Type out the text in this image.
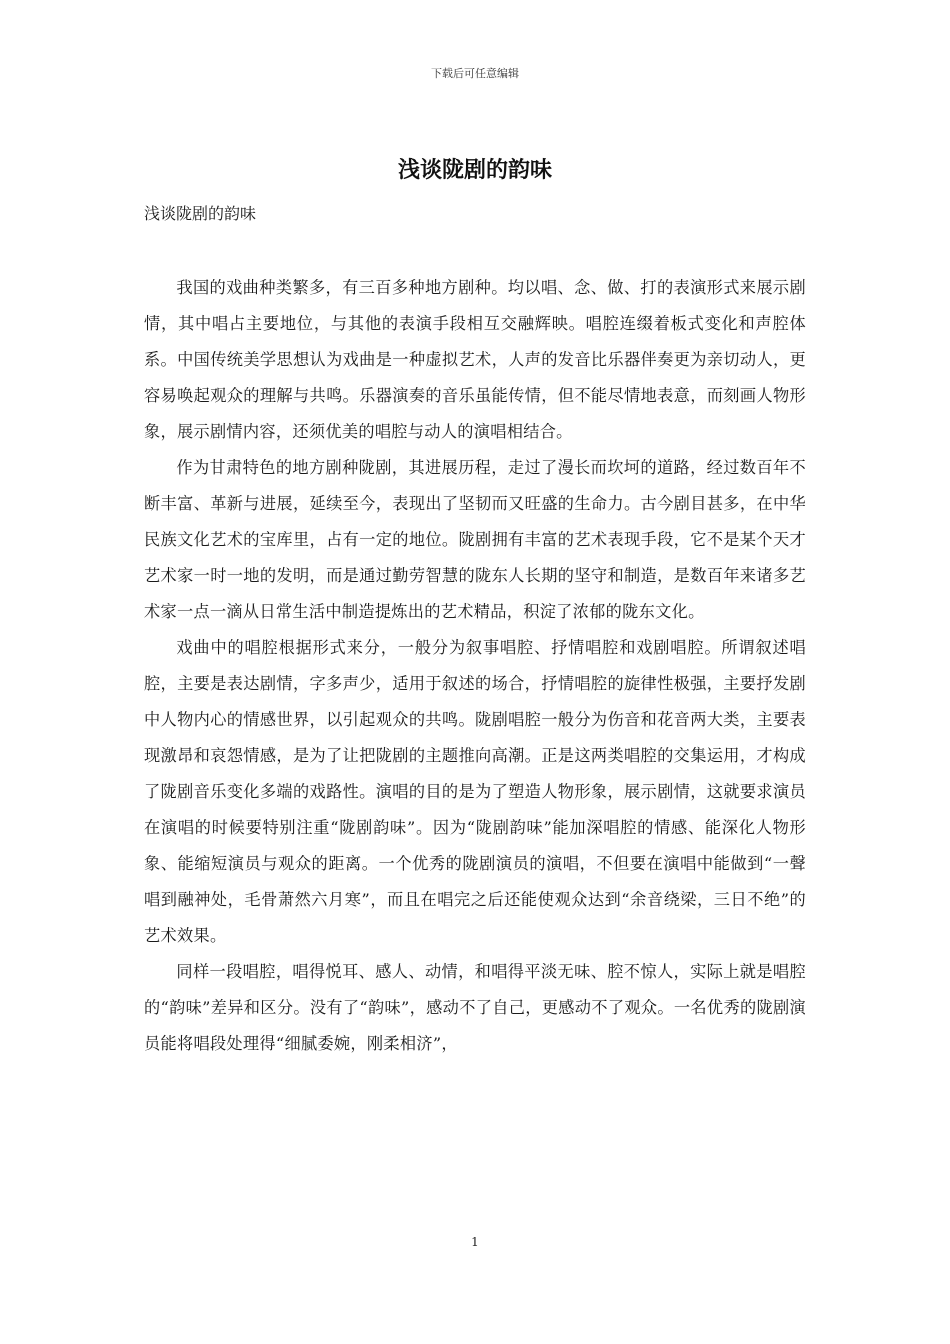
下载后可任意编辑
浅谈陇剧的韵味
浅谈陇剧的韵味

我国的戏曲种类繁多，有三百多种地方剧种。均以唱、念、做、打的表演形式来展示剧情，其中唱占主要地位，与其他的表演手段相互交融辉映。唱腔连缀着板式变化和声腔体系。中国传统美学思想认为戏曲是一种虚拟艺术，人声的发音比乐器伴奏更为亲切动人，更容易唤起观众的理解与共鸣。乐器演奏的音乐虽能传情，但不能尽情地表意，而刻画人物形象，展示剧情内容，还须优美的唱腔与动人的演唱相结合。

作为甘肃特色的地方剧种陇剧，其进展历程，走过了漫长而坎坷的道路，经过数百年不断丰富、革新与进展，延续至今，表现出了坚韧而又旺盛的生命力。古今剧目甚多，在中华民族文化艺术的宝库里，占有一定的地位。陇剧拥有丰富的艺术表现手段，它不是某个天才艺术家一时一地的发明，而是通过勤劳智慧的陇东人长期的坚守和制造，是数百年来诸多艺术家一点一滴从日常生活中制造提炼出的艺术精品，积淀了浓郁的陇东文化。

戏曲中的唱腔根据形式来分，一般分为叙事唱腔、抒情唱腔和戏剧唱腔。所谓叙述唱腔，主要是表达剧情，字多声少，适用于叙述的场合，抒情唱腔的旋律性极强，主要抒发剧中人物内心的情感世界，以引起观众的共鸣。陇剧唱腔一般分为伤音和花音两大类，主要表现激昂和哀怨情感，是为了让把陇剧的主题推向高潮。正是这两类唱腔的交集运用，才构成了陇剧音乐变化多端的戏路性。演唱的目的是为了塑造人物形象，展示剧情，这就要求演员在演唱的时候要特别注重“陇剧韵味”。因为“陇剧韵味”能加深唱腔的情感、能深化人物形象、能缩短演员与观众的距离。一个优秀的陇剧演员的演唱，不但要在演唱中能做到“一聲唱到融神处，毛骨萧然六月寒”，而且在唱完之后还能使观众达到“余音绕梁，三日不绝”的艺术效果。

同样一段唱腔，唱得悦耳、感人、动情，和唱得平淡无味、腔不惊人，实际上就是唱腔的“韵味”差异和区分。没有了“韵味”，感动不了自己，更感动不了观众。一名优秀的陇剧演员能将唱段处理得“细腻委婉，刚柔相济”，

1
